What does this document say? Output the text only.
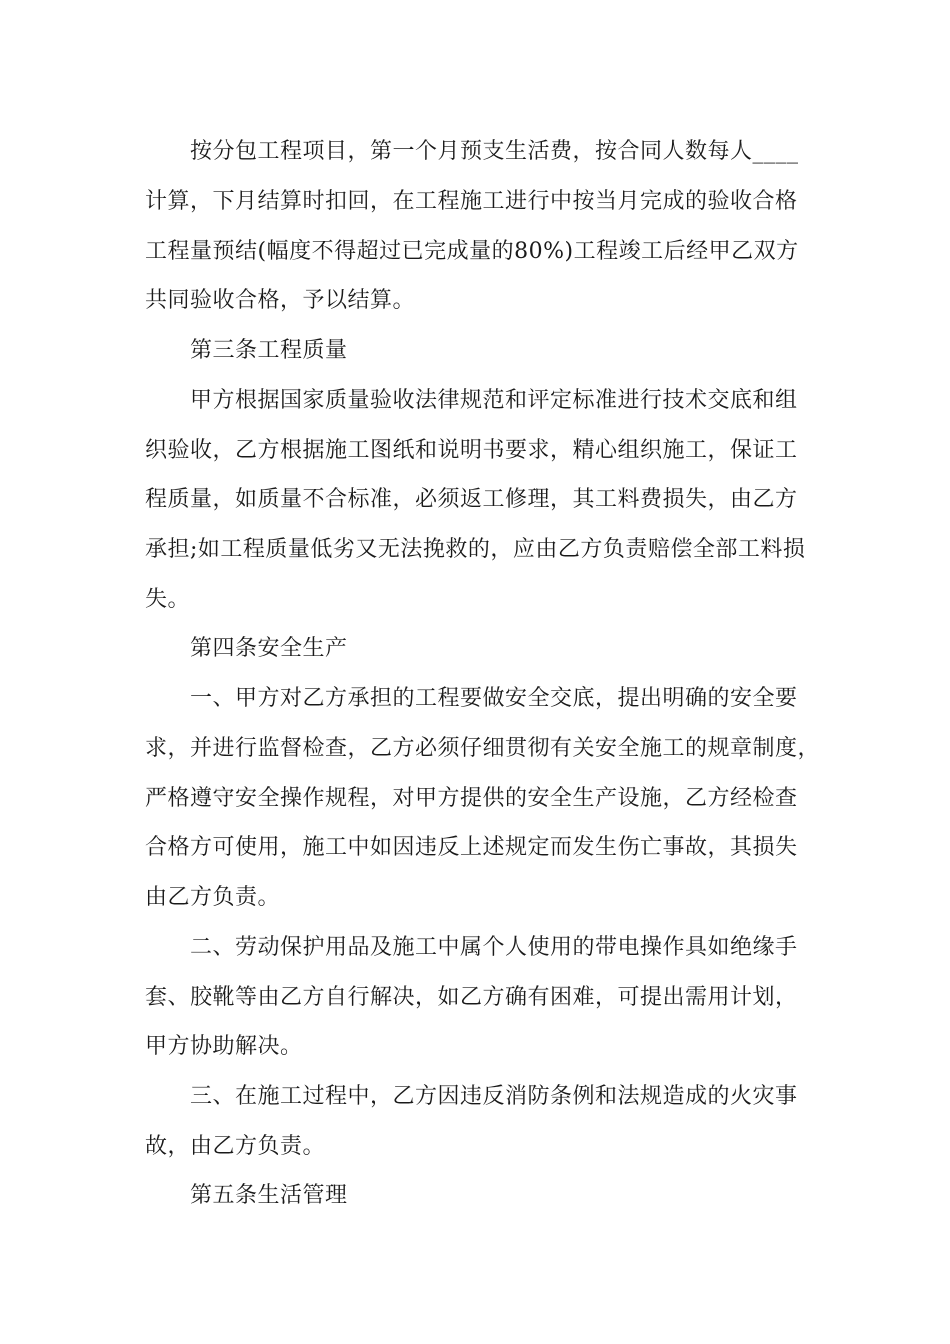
按分包工程项目，第一个月预支生活费，按合同人数每人____
计算，下月结算时扣回，在工程施工进行中按当月完成的验收合格
工程量预结(幅度不得超过已完成量的80%)工程竣工后经甲乙双方
共同验收合格，予以结算。
第三条工程质量
甲方根据国家质量验收法律规范和评定标准进行技术交底和组
织验收，乙方根据施工图纸和说明书要求，精心组织施工，保证工
程质量，如质量不合标准，必须返工修理，其工料费损失，由乙方
承担;如工程质量低劣又无法挽救的，应由乙方负责赔偿全部工料损
失。
第四条安全生产
一、甲方对乙方承担的工程要做安全交底，提出明确的安全要
求，并进行监督检查，乙方必须仔细贯彻有关安全施工的规章制度，
严格遵守安全操作规程，对甲方提供的安全生产设施，乙方经检查
合格方可使用，施工中如因违反上述规定而发生伤亡事故，其损失
由乙方负责。
二、劳动保护用品及施工中属个人使用的带电操作具如绝缘手
套、胶靴等由乙方自行解决，如乙方确有困难，可提出需用计划，
甲方协助解决。
三、在施工过程中，乙方因违反消防条例和法规造成的火灾事
故，由乙方负责。
第五条生活管理
